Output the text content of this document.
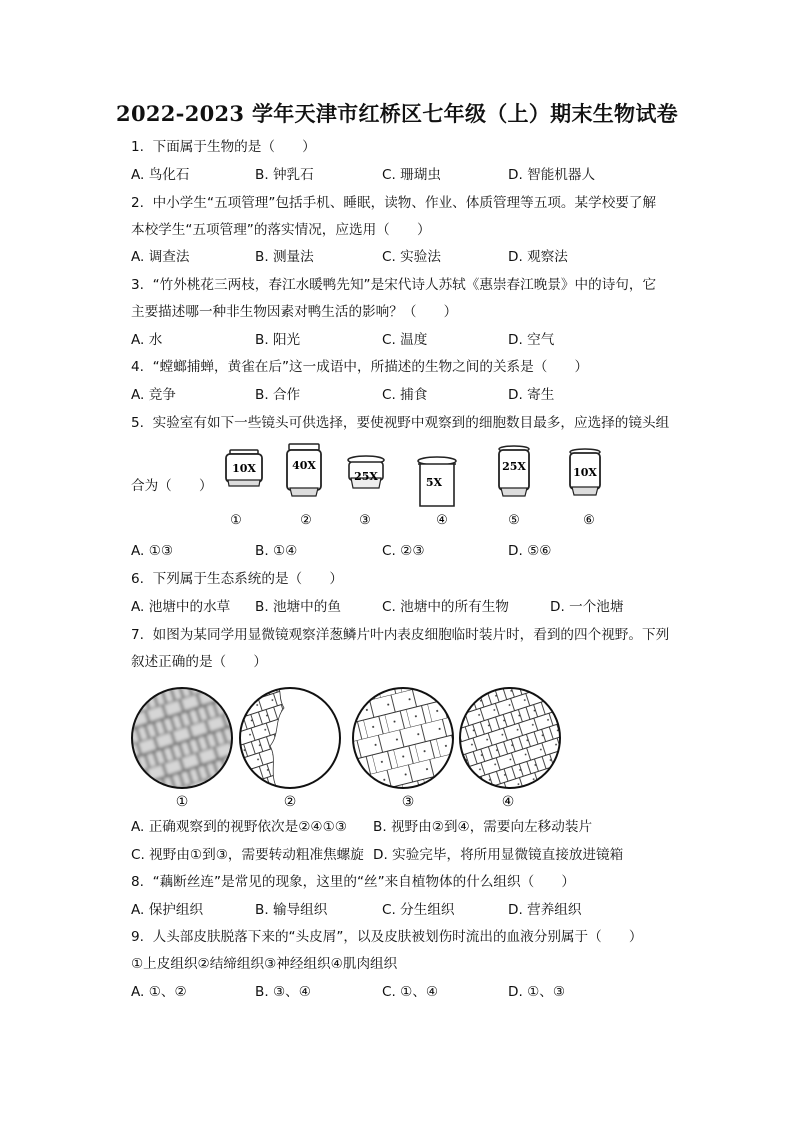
2022-2023 学年天津市红桥区七年级（上）期末生物试卷
1.  下面属于生物的是（　　）
A. 鸟化石	B. 钟乳石	C. 珊瑚虫	D. 智能机器人
2.  中小学生“五项管理”包括手机、睡眠，读物、作业、体质管理等五项。某学校要了解
本校学生“五项管理”的落实情况，应选用（　　）
A. 调查法	B. 测量法	C. 实验法	D. 观察法
3.  “竹外桃花三两枝，春江水暖鸭先知”是宋代诗人苏轼《惠崇春江晚景》中的诗句，它
主要描述哪一种非生物因素对鸭生活的影响？（　　）
A. 水	B. 阳光	C. 温度	D. 空气
4.  “螳螂捕蝉，黄雀在后”这一成语中，所描述的生物之间的关系是（　　）
A. 竞争	B. 合作	C. 捕食	D. 寄生
5.  实验室有如下一些镜头可供选择，要使视野中观察到的细胞数目最多，应选择的镜头组
合为（　　）
10X	40X
25X	5X
25X	10X
①	②	③	④	⑤	⑥
A. ①③	B. ①④	C. ②③	D. ⑤⑥
6.  下列属于生态系统的是（　　）
A. 池塘中的水草 B. 池塘中的鱼	C. 池塘中的所有生物	D. 一个池塘
7.  如图为某同学用显微镜观察洋葱鳞片叶内表皮细胞临时装片时，看到的四个视野。下列
叙述正确的是（　　）
①	②	③	④
A. 正确观察到的视野依次是②④①③ B. 视野由②到④，需要向左移动装片
C. 视野由①到③，需要转动粗准焦螺旋 D. 实验完毕，将所用显微镜直接放进镜箱
8.  “藕断丝连”是常见的现象，这里的“丝”来自植物体的什么组织（　　）
A. 保护组织	B. 输导组织	C. 分生组织	D. 营养组织
9.  人头部皮肤脱落下来的“头皮屑”，以及皮肤被划伤时流出的血液分别属于（　　）
①上皮组织②结缔组织③神经组织④肌肉组织
A. ①、②	B. ③、④	C. ①、④	D. ①、③
